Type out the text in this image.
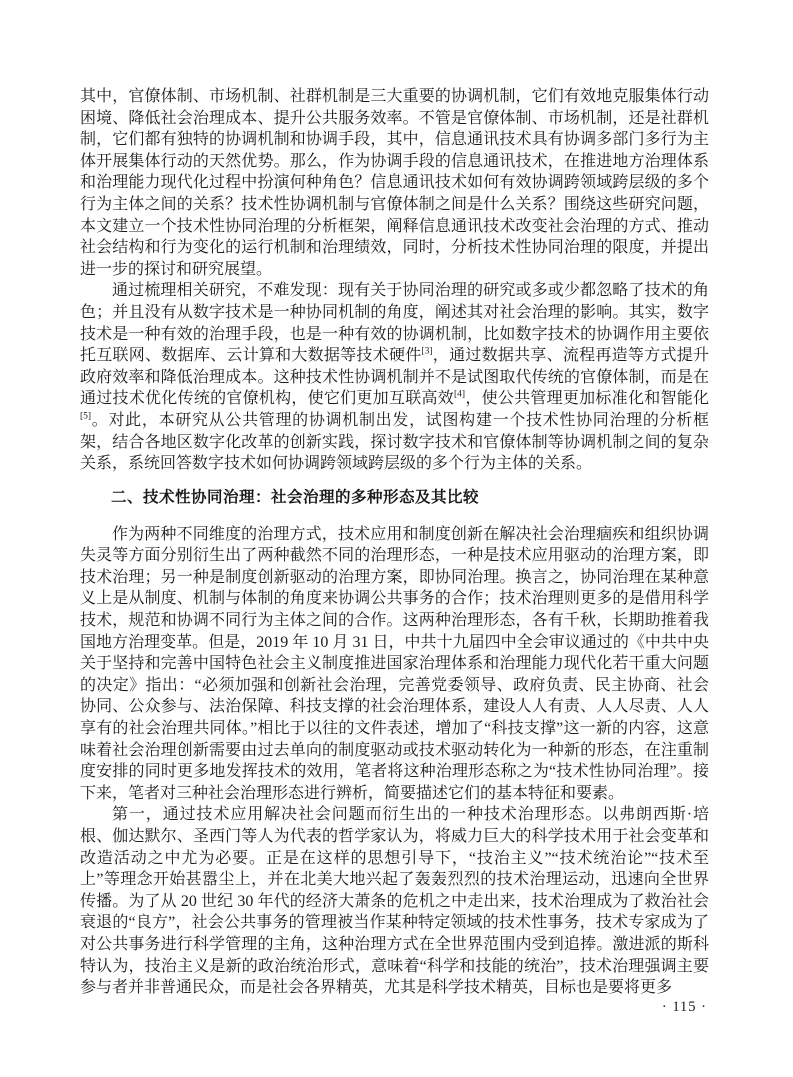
其中，官僚体制、市场机制、社群机制是三大重要的协调机制，它们有效地克服集体行动困境、降低社会治理成本、提升公共服务效率。不管是官僚体制、市场机制，还是社群机制，它们都有独特的协调机制和协调手段，其中，信息通讯技术具有协调多部门多行为主体开展集体行动的天然优势。那么，作为协调手段的信息通讯技术，在推进地方治理体系和治理能力现代化过程中扮演何种角色？信息通讯技术如何有效协调跨领域跨层级的多个行为主体之间的关系？技术性协调机制与官僚体制之间是什么关系？围绕这些研究问题，本文建立一个技术性协同治理的分析框架，阐释信息通讯技术改变社会治理的方式、推动社会结构和行为变化的运行机制和治理绩效，同时，分析技术性协同治理的限度，并提出进一步的探讨和研究展望。

通过梳理相关研究，不难发现：现有关于协同治理的研究或多或少都忽略了技术的角色；并且没有从数字技术是一种协同机制的角度，阐述其对社会治理的影响。其实，数字技术是一种有效的治理手段，也是一种有效的协调机制，比如数字技术的协调作用主要依托互联网、数据库、云计算和大数据等技术硬件[3]，通过数据共享、流程再造等方式提升政府效率和降低治理成本。这种技术性协调机制并不是试图取代传统的官僚体制，而是在通过技术优化传统的官僚机构，使它们更加互联高效[4]，使公共管理更加标准化和智能化[5]。对此，本研究从公共管理的协调机制出发，试图构建一个技术性协同治理的分析框架，结合各地区数字化改革的创新实践，探讨数字技术和官僚体制等协调机制之间的复杂关系，系统回答数字技术如何协调跨领域跨层级的多个行为主体的关系。

二、技术性协同治理：社会治理的多种形态及其比较

作为两种不同维度的治理方式，技术应用和制度创新在解决社会治理痼疾和组织协调失灵等方面分别衍生出了两种截然不同的治理形态，一种是技术应用驱动的治理方案，即技术治理；另一种是制度创新驱动的治理方案，即协同治理。换言之，协同治理在某种意义上是从制度、机制与体制的角度来协调公共事务的合作；技术治理则更多的是借用科学技术，规范和协调不同行为主体之间的合作。这两种治理形态，各有千秋，长期助推着我国地方治理变革。但是，2019 年 10 月 31 日，中共十九届四中全会审议通过的《中共中央关于坚持和完善中国特色社会主义制度推进国家治理体系和治理能力现代化若干重大问题的决定》指出：“必须加强和创新社会治理，完善党委领导、政府负责、民主协商、社会协同、公众参与、法治保障、科技支撑的社会治理体系，建设人人有责、人人尽责、人人享有的社会治理共同体。”相比于以往的文件表述，增加了“科技支撑”这一新的内容，这意味着社会治理创新需要由过去单向的制度驱动或技术驱动转化为一种新的形态，在注重制度安排的同时更多地发挥技术的效用，笔者将这种治理形态称之为“技术性协同治理”。接下来，笔者对三种社会治理形态进行辨析，简要描述它们的基本特征和要素。

第一，通过技术应用解决社会问题而衍生出的一种技术治理形态。以弗朗西斯·培根、伽达默尔、圣西门等人为代表的哲学家认为，将威力巨大的科学技术用于社会变革和改造活动之中尤为必要。正是在这样的思想引导下，“技治主义”“技术统治论”“技术至上”等理念开始甚嚣尘上，并在北美大地兴起了轰轰烈烈的技术治理运动，迅速向全世界传播。为了从 20 世纪 30 年代的经济大萧条的危机之中走出来，技术治理成为了救治社会衰退的“良方”，社会公共事务的管理被当作某种特定领域的技术性事务，技术专家成为了对公共事务进行科学管理的主角，这种治理方式在全世界范围内受到追捧。激进派的斯科特认为，技治主义是新的政治统治形式，意味着“科学和技能的统治”，技术治理强调主要参与者并非普通民众，而是社会各界精英，尤其是科学技术精英，目标也是要将更多

· 115 ·
